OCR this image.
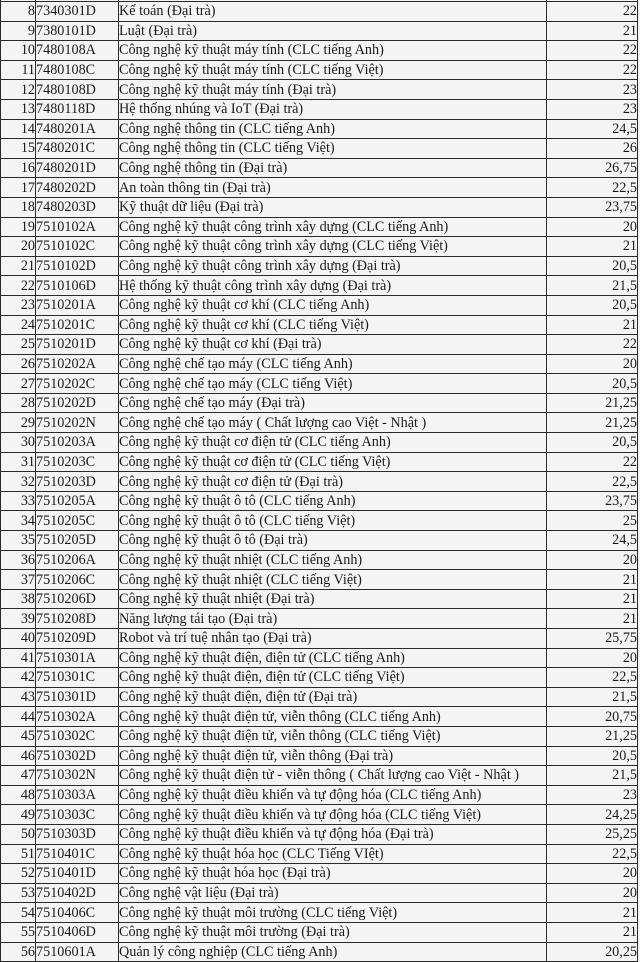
8	7340301D	Kế toán (Đại trà)	22
9	7380101D	Luật (Đại trà)	21
10	7480108A	Công nghệ kỹ thuật máy tính (CLC tiếng Anh)	22
11	7480108C	Công nghệ kỹ thuật máy tính (CLC tiếng Việt)	22
12	7480108D	Công nghệ kỹ thuật máy tính (Đại trà)	23
13	7480118D	Hệ thống nhúng và IoT (Đại trà)	23
14	7480201A	Công nghệ thông tin (CLC tiếng Anh)	24,5
15	7480201C	Công nghệ thông tin (CLC tiếng Việt)	26
16	7480201D	Công nghệ thông tin (Đại trà)	26,75
17	7480202D	An toàn thông tin (Đại trà)	22,5
18	7480203D	Kỹ thuật dữ liệu (Đại trà)	23,75
19	7510102A	Công nghệ kỹ thuật công trình xây dựng (CLC tiếng Anh)	20
20	7510102C	Công nghệ kỹ thuật công trình xây dựng (CLC tiếng Việt)	21
21	7510102D	Công nghệ kỹ thuật công trình xây dựng (Đại trà)	20,5
22	7510106D	Hệ thống kỹ thuật công trình xây dựng (Đại trà)	21,5
23	7510201A	Công nghệ kỹ thuật cơ khí (CLC tiếng Anh)	20,5
24	7510201C	Công nghệ kỹ thuật cơ khí (CLC tiếng Việt)	21
25	7510201D	Công nghệ kỹ thuật cơ khí (Đại trà)	22
26	7510202A	Công nghệ chế tạo máy (CLC tiếng Anh)	20
27	7510202C	Công nghệ chế tạo máy (CLC tiếng Việt)	20,5
28	7510202D	Công nghệ chế tạo máy (Đại trà)	21,25
29	7510202N	Công nghệ chế tạo máy ( Chất lượng cao Việt - Nhật )	21,25
30	7510203A	Công nghệ kỹ thuật cơ điện tử (CLC tiếng Anh)	20,5
31	7510203C	Công nghệ kỹ thuật cơ điện tử (CLC tiếng Việt)	22
32	7510203D	Công nghệ kỹ thuật cơ điện tử (Đại trà)	22,5
33	7510205A	Công nghệ kỹ thuật ô tô (CLC tiếng Anh)	23,75
34	7510205C	Công nghệ kỹ thuật ô tô (CLC tiếng Việt)	25
35	7510205D	Công nghệ kỹ thuật ô tô (Đại trà)	24,5
36	7510206A	Công nghệ kỹ thuật nhiệt (CLC tiếng Anh)	20
37	7510206C	Công nghệ kỹ thuật nhiệt (CLC tiếng Việt)	21
38	7510206D	Công nghệ kỹ thuật nhiệt (Đại trà)	21
39	7510208D	Năng lượng tái tạo (Đại trà)	21
40	7510209D	Robot và trí tuệ nhân tạo (Đại trà)	25,75
41	7510301A	Công nghệ kỹ thuật điện, điện tử (CLC tiếng Anh)	20
42	7510301C	Công nghệ kỹ thuật điện, điện tử (CLC tiếng Việt)	22,5
43	7510301D	Công nghệ kỹ thuật điện, điện tử (Đại trà)	21,5
44	7510302A	Công nghệ kỹ thuật điện tử, viễn thông (CLC tiếng Anh)	20,75
45	7510302C	Công nghệ kỹ thuật điện tử, viễn thông (CLC tiếng Việt)	21,25
46	7510302D	Công nghệ kỹ thuật điện tử, viễn thông (Đại trà)	20,5
47	7510302N	Công nghệ kỹ thuật điện tử - viễn thông ( Chất lượng cao Việt - Nhật )	21,5
48	7510303A	Công nghệ kỹ thuật điều khiển và tự động hóa (CLC tiếng Anh)	23
49	7510303C	Công nghệ kỹ thuật điều khiển và tự động hóa (CLC tiếng Việt)	24,25
50	7510303D	Công nghệ kỹ thuật điều khiển và tự động hóa (Đại trà)	25,25
51	7510401C	Công nghệ kỹ thuật hóa học (CLC Tiếng VIệt)	22,5
52	7510401D	Công nghệ kỹ thuật hóa học (Đại trà)	20
53	7510402D	Công nghệ vật liệu (Đại trà)	20
54	7510406C	Công nghệ kỹ thuật môi trường (CLC tiếng Việt)	21
55	7510406D	Công nghệ kỹ thuật môi trường (Đại trà)	21
56	7510601A	Quản lý công nghiệp (CLC tiếng Anh)	20,25
